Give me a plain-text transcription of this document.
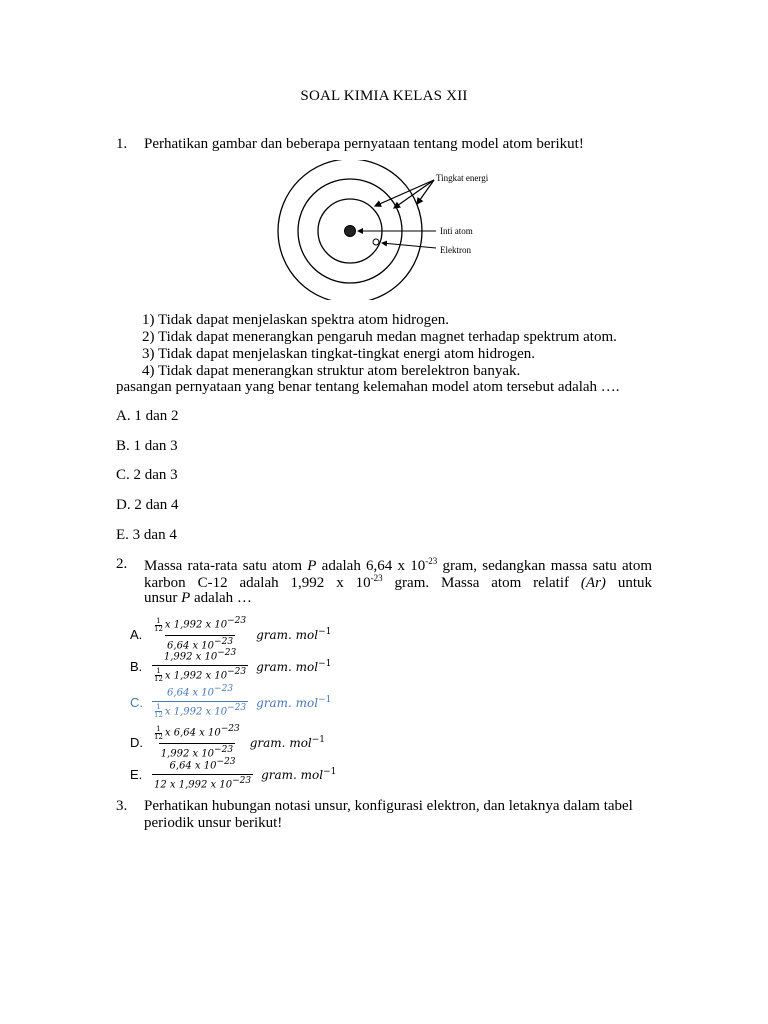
SOAL KIMIA KELAS XII
1. Perhatikan gambar dan beberapa pernyataan tentang model atom berikut!
Tingkat energi
Inti atom
Elektron
1) Tidak dapat menjelaskan spektra atom hidrogen.
2) Tidak dapat menerangkan pengaruh medan magnet terhadap spektrum atom.
3) Tidak dapat menjelaskan tingkat-tingkat energi atom hidrogen.
4) Tidak dapat menerangkan struktur atom berelektron banyak.
pasangan pernyataan yang benar tentang kelemahan model atom tersebut adalah ….
A. 1 dan 2
B. 1 dan 3
C. 2 dan 3
D. 2 dan 4
E. 3 dan 4
2. Massa rata-rata satu atom P adalah 6,64 x $10^{-23}$ gram, sedangkan massa satu atom
karbon C-12 adalah 1,992 x $10^{-23}$ gram. Massa atom relatif (Ar) untuk
unsur P adalah …
A.	$\frac{\frac{1}{12} x 1,992 x 10^{-23}}{6,64 x 10^{-23}}$ gram. mol$^{-1}$
B. $\frac{1,992 x 10^{-23}}{\frac{1}{12} x 1,992 x 10^{-23}}$ gram. mol$^{-1}$
C. $\frac{6,64 x 10^{-23}}{\frac{1}{12} x 1,992 x 10^{-23}}$ gram. mol$^{-1}$
D.	$\frac{\frac{1}{12} x 6,64 x 10^{-23}}{1,992 x 10^{-23}}$ gram. mol$^{-1}$
E. $\frac{6,64 x 10^{-23}}{12 x 1,992 x 10^{-23}}$ gram. mol$^{-1}$
3. Perhatikan hubungan notasi unsur, konfigurasi elektron, dan letaknya dalam tabel
periodik unsur berikut!
